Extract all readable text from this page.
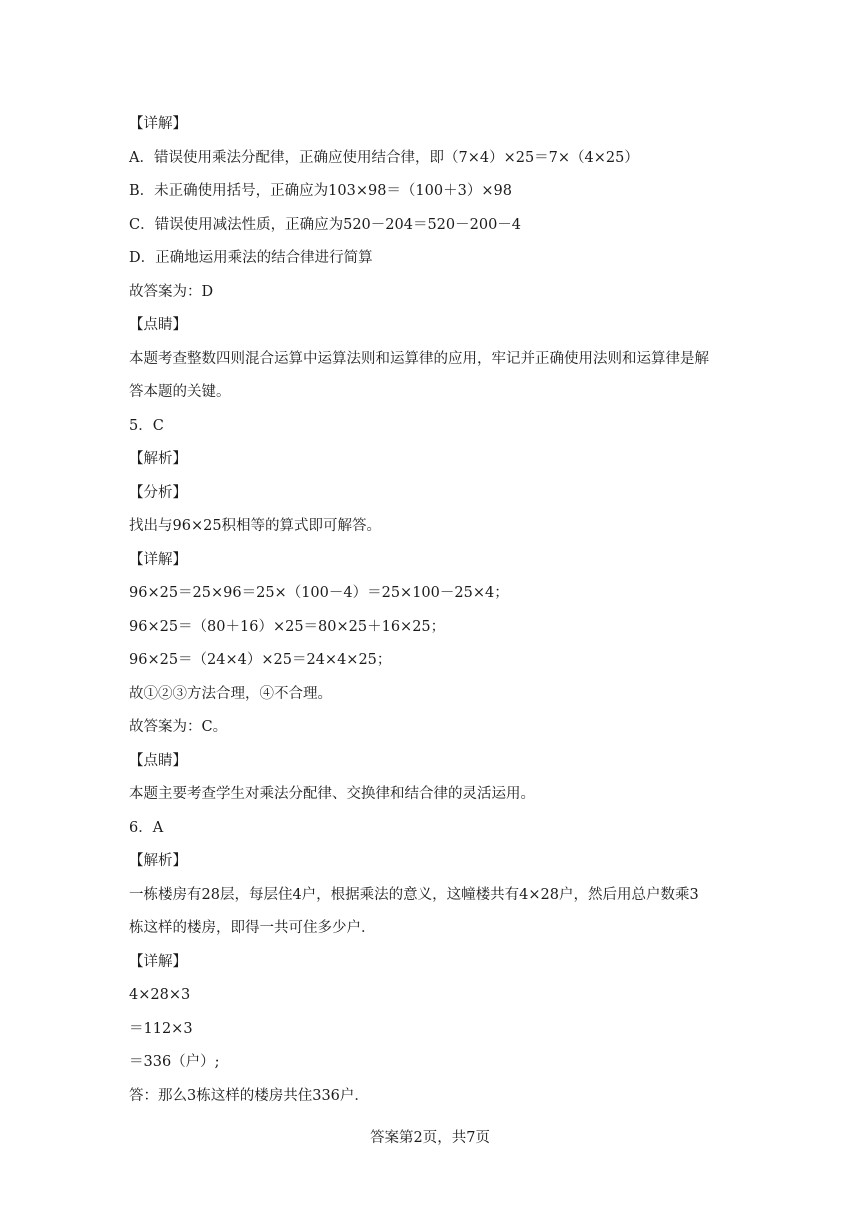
【详解】
A．错误使用乘法分配律，正确应使用结合律，即（7×4）×25＝7×（4×25）
B．未正确使用括号，正确应为103×98＝（100＋3）×98
C．错误使用减法性质，正确应为520－204＝520－200－4
D．正确地运用乘法的结合律进行简算
故答案为：D
【点睛】
本题考查整数四则混合运算中运算法则和运算律的应用，牢记并正确使用法则和运算律是解
答本题的关键。
5．C
【解析】
【分析】
找出与96×25积相等的算式即可解答。
【详解】
96×25＝25×96＝25×（100－4）＝25×100－25×4；
96×25＝（80＋16）×25＝80×25＋16×25；
96×25＝（24×4）×25＝24×4×25；
故①②③方法合理，④不合理。
故答案为：C。
【点睛】
本题主要考查学生对乘法分配律、交换律和结合律的灵活运用。
6．A
【解析】
一栋楼房有28层，每层住4户，根据乘法的意义，这幢楼共有4×28户，然后用总户数乘3
栋这样的楼房，即得一共可住多少户．
【详解】
4×28×3
＝112×3
＝336（户）;
答：那么3栋这样的楼房共住336户．
答案第2页，共7页
